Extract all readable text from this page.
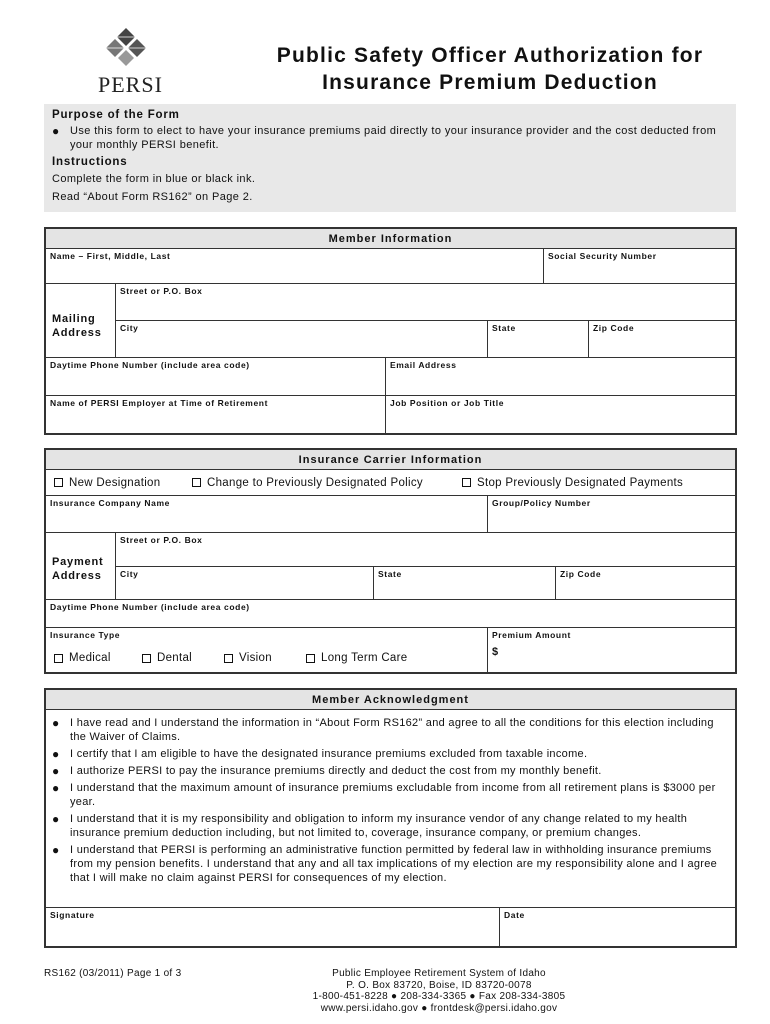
PERSI
Public Safety Officer Authorization for
Insurance Premium Deduction
Purpose of the Form
● Use this form to elect to have your insurance premiums paid directly to your insurance provider and the cost deducted from your monthly PERSI benefit.
Instructions
Complete the form in blue or black ink.
Read “About Form RS162” on Page 2.
Member Information
Name – First, Middle, Last	Social Security Number
Mailing
Address
Street or P.O. Box
City	State	Zip Code
Daytime Phone Number (include area code)	Email Address
Name of PERSI Employer at Time of Retirement	Job Position or Job Title
Insurance Carrier Information
New Designation	Change to Previously Designated Policy	Stop Previously Designated Payments
Insurance Company Name	Group/Policy Number
Payment
Address
Street or P.O. Box
City	State	Zip Code
Daytime Phone Number (include area code)
Insurance Type
Medical	Dental	Vision	Long Term Care
Premium Amount
$
Member Acknowledgment
● I have read and I understand the information in “About Form RS162” and agree to all the conditions for this election including the Waiver of Claims.
● I certify that I am eligible to have the designated insurance premiums excluded from taxable income.
● I authorize PERSI to pay the insurance premiums directly and deduct the cost from my monthly benefit.
● I understand that the maximum amount of insurance premiums excludable from income from all retirement plans is $3000 per year.
● I understand that it is my responsibility and obligation to inform my insurance vendor of any change related to my health insurance premium deduction including, but not limited to, coverage, insurance company, or premium changes.
● I understand that PERSI is performing an administrative function permitted by federal law in withholding insurance premiums from my pension benefits. I understand that any and all tax implications of my election are my responsibility alone and I agree that I will make no claim against PERSI for consequences of my election.
Signature	Date
RS162 (03/2011) Page 1 of 3	Public Employee Retirement System of Idaho
P. O. Box 83720, Boise, ID 83720-0078
1-800-451-8228 ● 208-334-3365 ● Fax 208-334-3805
www.persi.idaho.gov ● frontdesk@persi.idaho.gov
